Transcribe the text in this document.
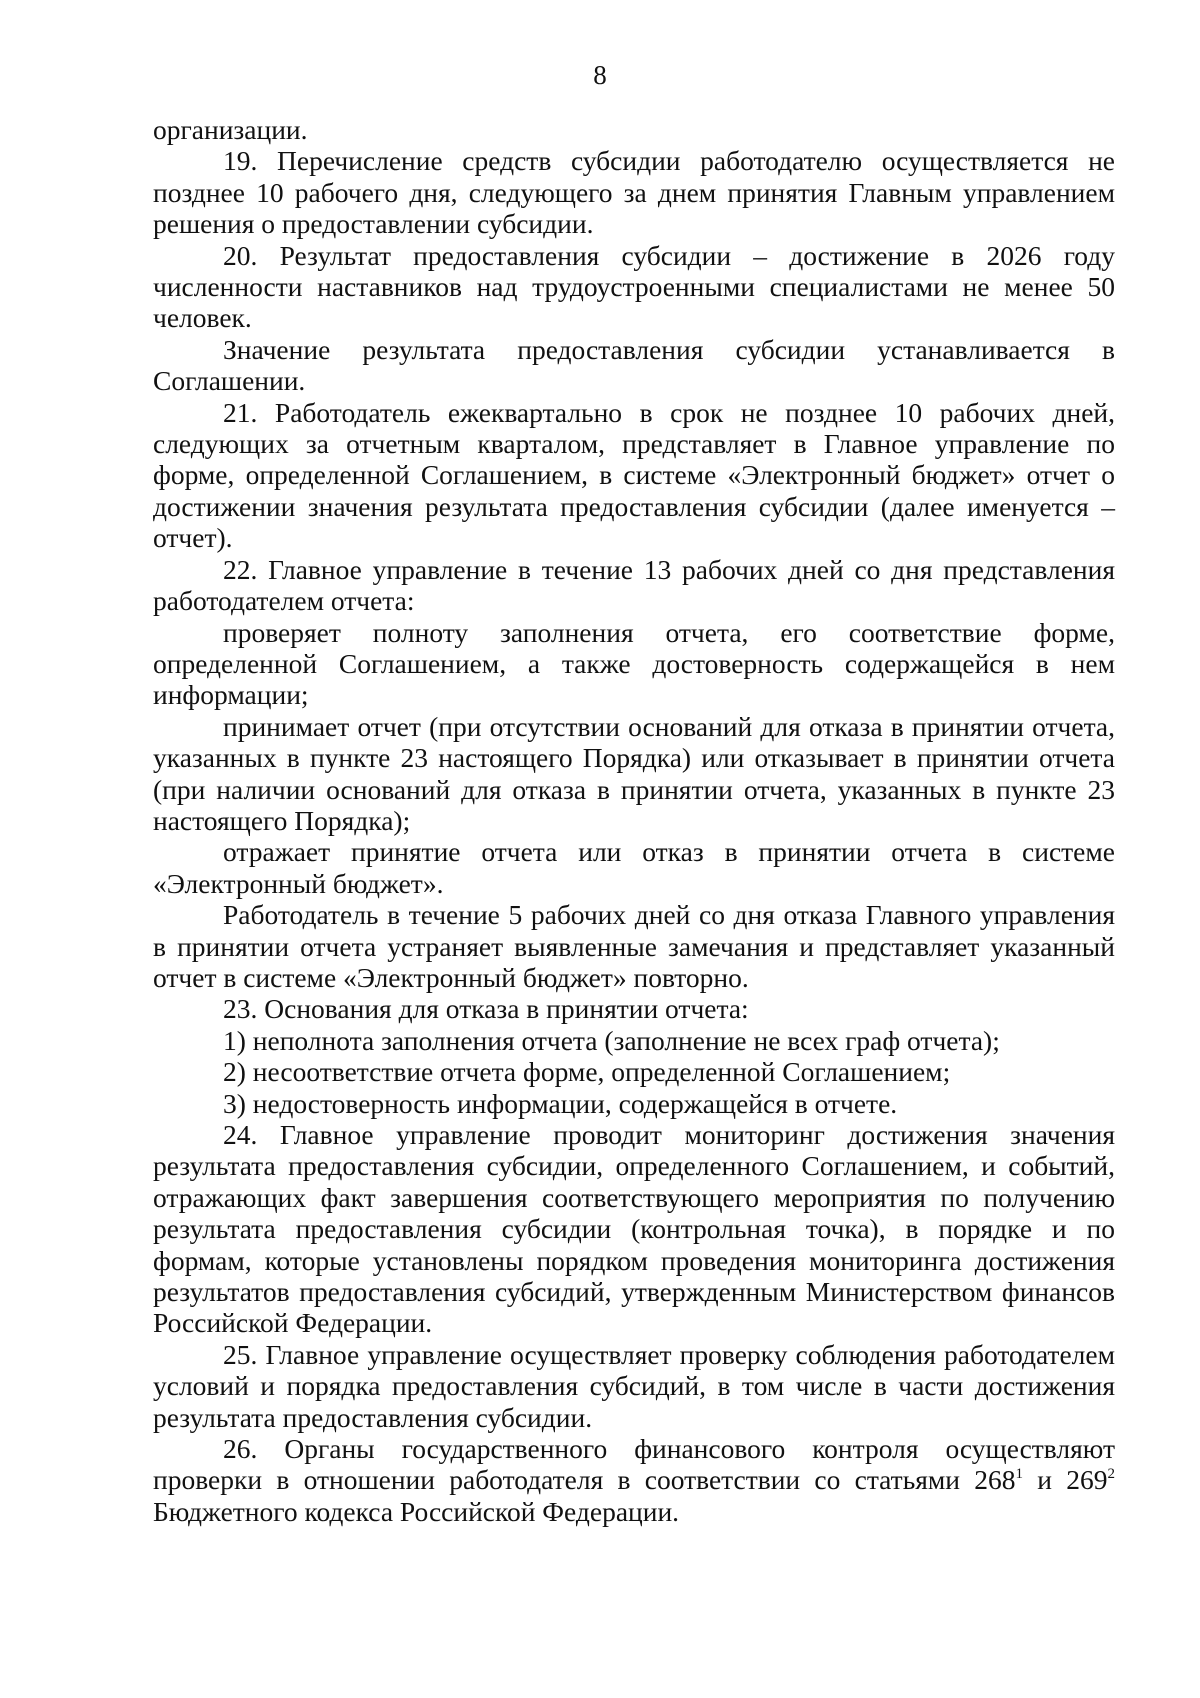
8

организации.

19. Перечисление средств субсидии работодателю осуществляется не позднее 10 рабочего дня, следующего за днем принятия Главным управлением решения о предоставлении субсидии.

20. Результат предоставления субсидии – достижение в 2026 году численности наставников над трудоустроенными специалистами не менее 50 человек.

Значение результата предоставления субсидии устанавливается в Соглашении.

21. Работодатель ежеквартально в срок не позднее 10 рабочих дней, следующих за отчетным кварталом, представляет в Главное управление по форме, определенной Соглашением, в системе «Электронный бюджет» отчет о достижении значения результата предоставления субсидии (далее именуется – отчет).

22. Главное управление в течение 13 рабочих дней со дня представления работодателем отчета:

проверяет полноту заполнения отчета, его соответствие форме, определенной Соглашением, а также достоверность содержащейся в нем информации;

принимает отчет (при отсутствии оснований для отказа в принятии отчета, указанных в пункте 23 настоящего Порядка) или отказывает в принятии отчета (при наличии оснований для отказа в принятии отчета, указанных в пункте 23 настоящего Порядка);

отражает принятие отчета или отказ в принятии отчета в системе «Электронный бюджет».

Работодатель в течение 5 рабочих дней со дня отказа Главного управления в принятии отчета устраняет выявленные замечания и представляет указанный отчет в системе «Электронный бюджет» повторно.

23. Основания для отказа в принятии отчета:

1) неполнота заполнения отчета (заполнение не всех граф отчета);

2) несоответствие отчета форме, определенной Соглашением;

3) недостоверность информации, содержащейся в отчете.

24. Главное управление проводит мониторинг достижения значения результата предоставления субсидии, определенного Соглашением, и событий, отражающих факт завершения соответствующего мероприятия по получению результата предоставления субсидии (контрольная точка), в порядке и по формам, которые установлены порядком проведения мониторинга достижения результатов предоставления субсидий, утвержденным Министерством финансов Российской Федерации.

25. Главное управление осуществляет проверку соблюдения работодателем условий и порядка предоставления субсидий, в том числе в части достижения результата предоставления субсидии.

26. Органы государственного финансового контроля осуществляют проверки в отношении работодателя в соответствии со статьями $268^1$ и $269^2$ Бюджетного кодекса Российской Федерации.
